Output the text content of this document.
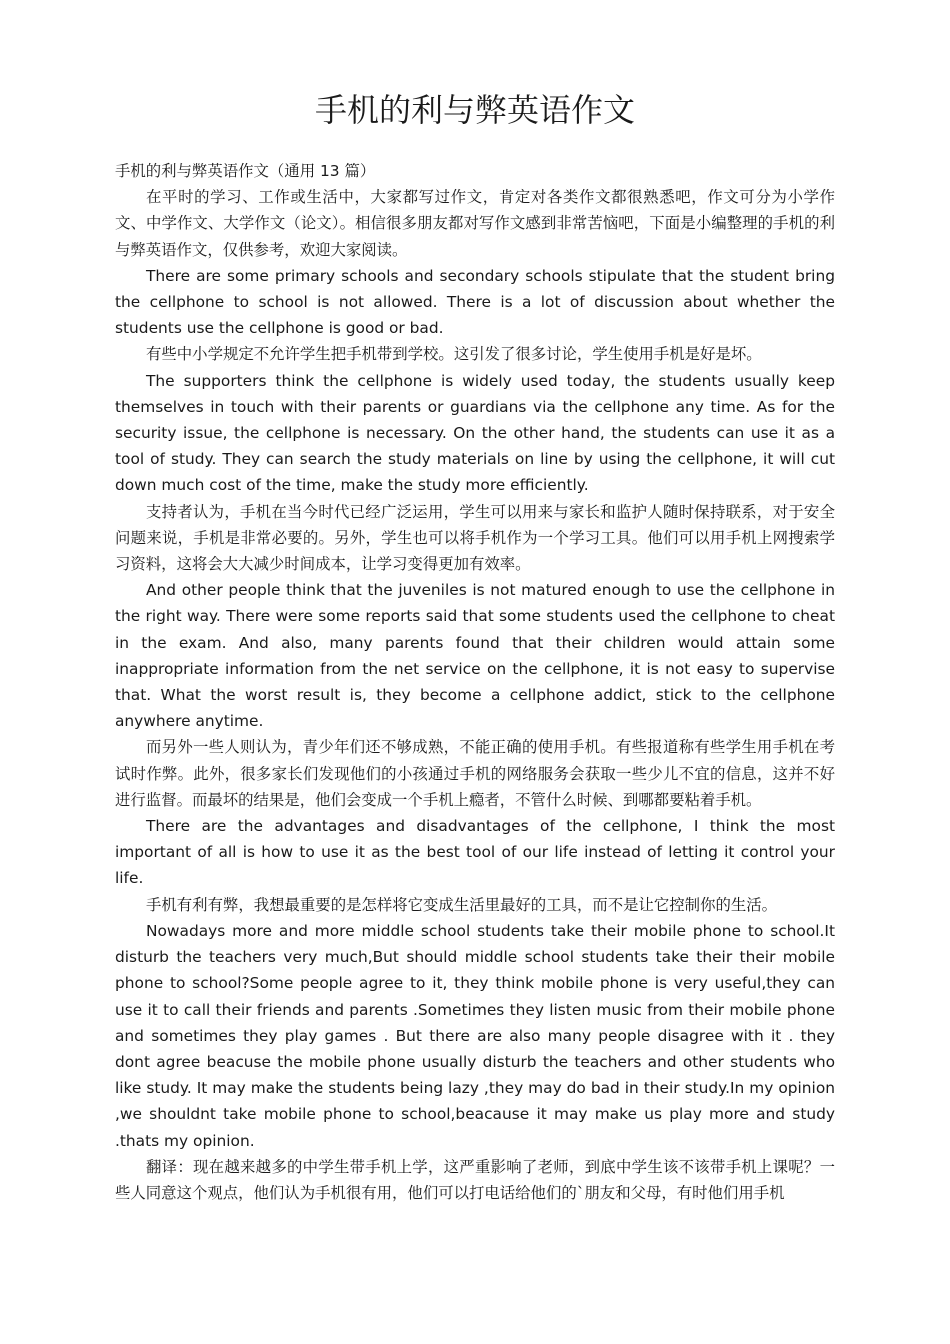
手机的利与弊英语作文

手机的利与弊英语作文（通用 13 篇）

在平时的学习、工作或生活中，大家都写过作文，肯定对各类作文都很熟悉吧，作文可分为小学作文、中学作文、大学作文（论文）。相信很多朋友都对写作文感到非常苦恼吧，下面是小编整理的手机的利与弊英语作文，仅供参考，欢迎大家阅读。

There are some primary schools and secondary schools stipulate that the student bring the cellphone to school is not allowed. There is a lot of discussion about whether the students use the cellphone is good or bad.

有些中小学规定不允许学生把手机带到学校。这引发了很多讨论，学生使用手机是好是坏。

The supporters think the cellphone is widely used today, the students usually keep themselves in touch with their parents or guardians via the cellphone any time. As for the security issue, the cellphone is necessary. On the other hand, the students can use it as a tool of study. They can search the study materials on line by using the cellphone, it will cut down much cost of the time, make the study more efficiently.

支持者认为，手机在当今时代已经广泛运用，学生可以用来与家长和监护人随时保持联系，对于安全问题来说，手机是非常必要的。另外，学生也可以将手机作为一个学习工具。他们可以用手机上网搜索学习资料，这将会大大减少时间成本，让学习变得更加有效率。

And other people think that the juveniles is not matured enough to use the cellphone in the right way. There were some reports said that some students used the cellphone to cheat in the exam. And also, many parents found that their children would attain some inappropriate information from the net service on the cellphone, it is not easy to supervise that. What the worst result is, they become a cellphone addict, stick to the cellphone anywhere anytime.

而另外一些人则认为，青少年们还不够成熟，不能正确的使用手机。有些报道称有些学生用手机在考试时作弊。此外，很多家长们发现他们的小孩通过手机的网络服务会获取一些少儿不宜的信息，这并不好进行监督。而最坏的结果是，他们会变成一个手机上瘾者，不管什么时候、到哪都要粘着手机。

There are the advantages and disadvantages of the cellphone, I think the most important of all is how to use it as the best tool of our life instead of letting it control your life.

手机有利有弊，我想最重要的是怎样将它变成生活里最好的工具，而不是让它控制你的生活。

Nowadays more and more middle school students take their mobile phone to school.It disturb the teachers very much,But should middle school students take their their mobile phone to school?Some people agree to it, they think mobile phone is very useful,they can use it to call their friends and parents .Sometimes they listen music from their mobile phone and sometimes they play games . But there are also many people disagree with it . they dont agree beacuse the mobile phone usually disturb the teachers and other students who like study. It may make the students being lazy ,they may do bad in their study.In my opinion ,we shouldnt take mobile phone to school,beacause it may make us play more and study .thats my opinion.

翻译：现在越来越多的中学生带手机上学，这严重影响了老师，到底中学生该不该带手机上课呢？一些人同意这个观点，他们认为手机很有用，他们可以打电话给他们的`朋友和父母，有时他们用手机
